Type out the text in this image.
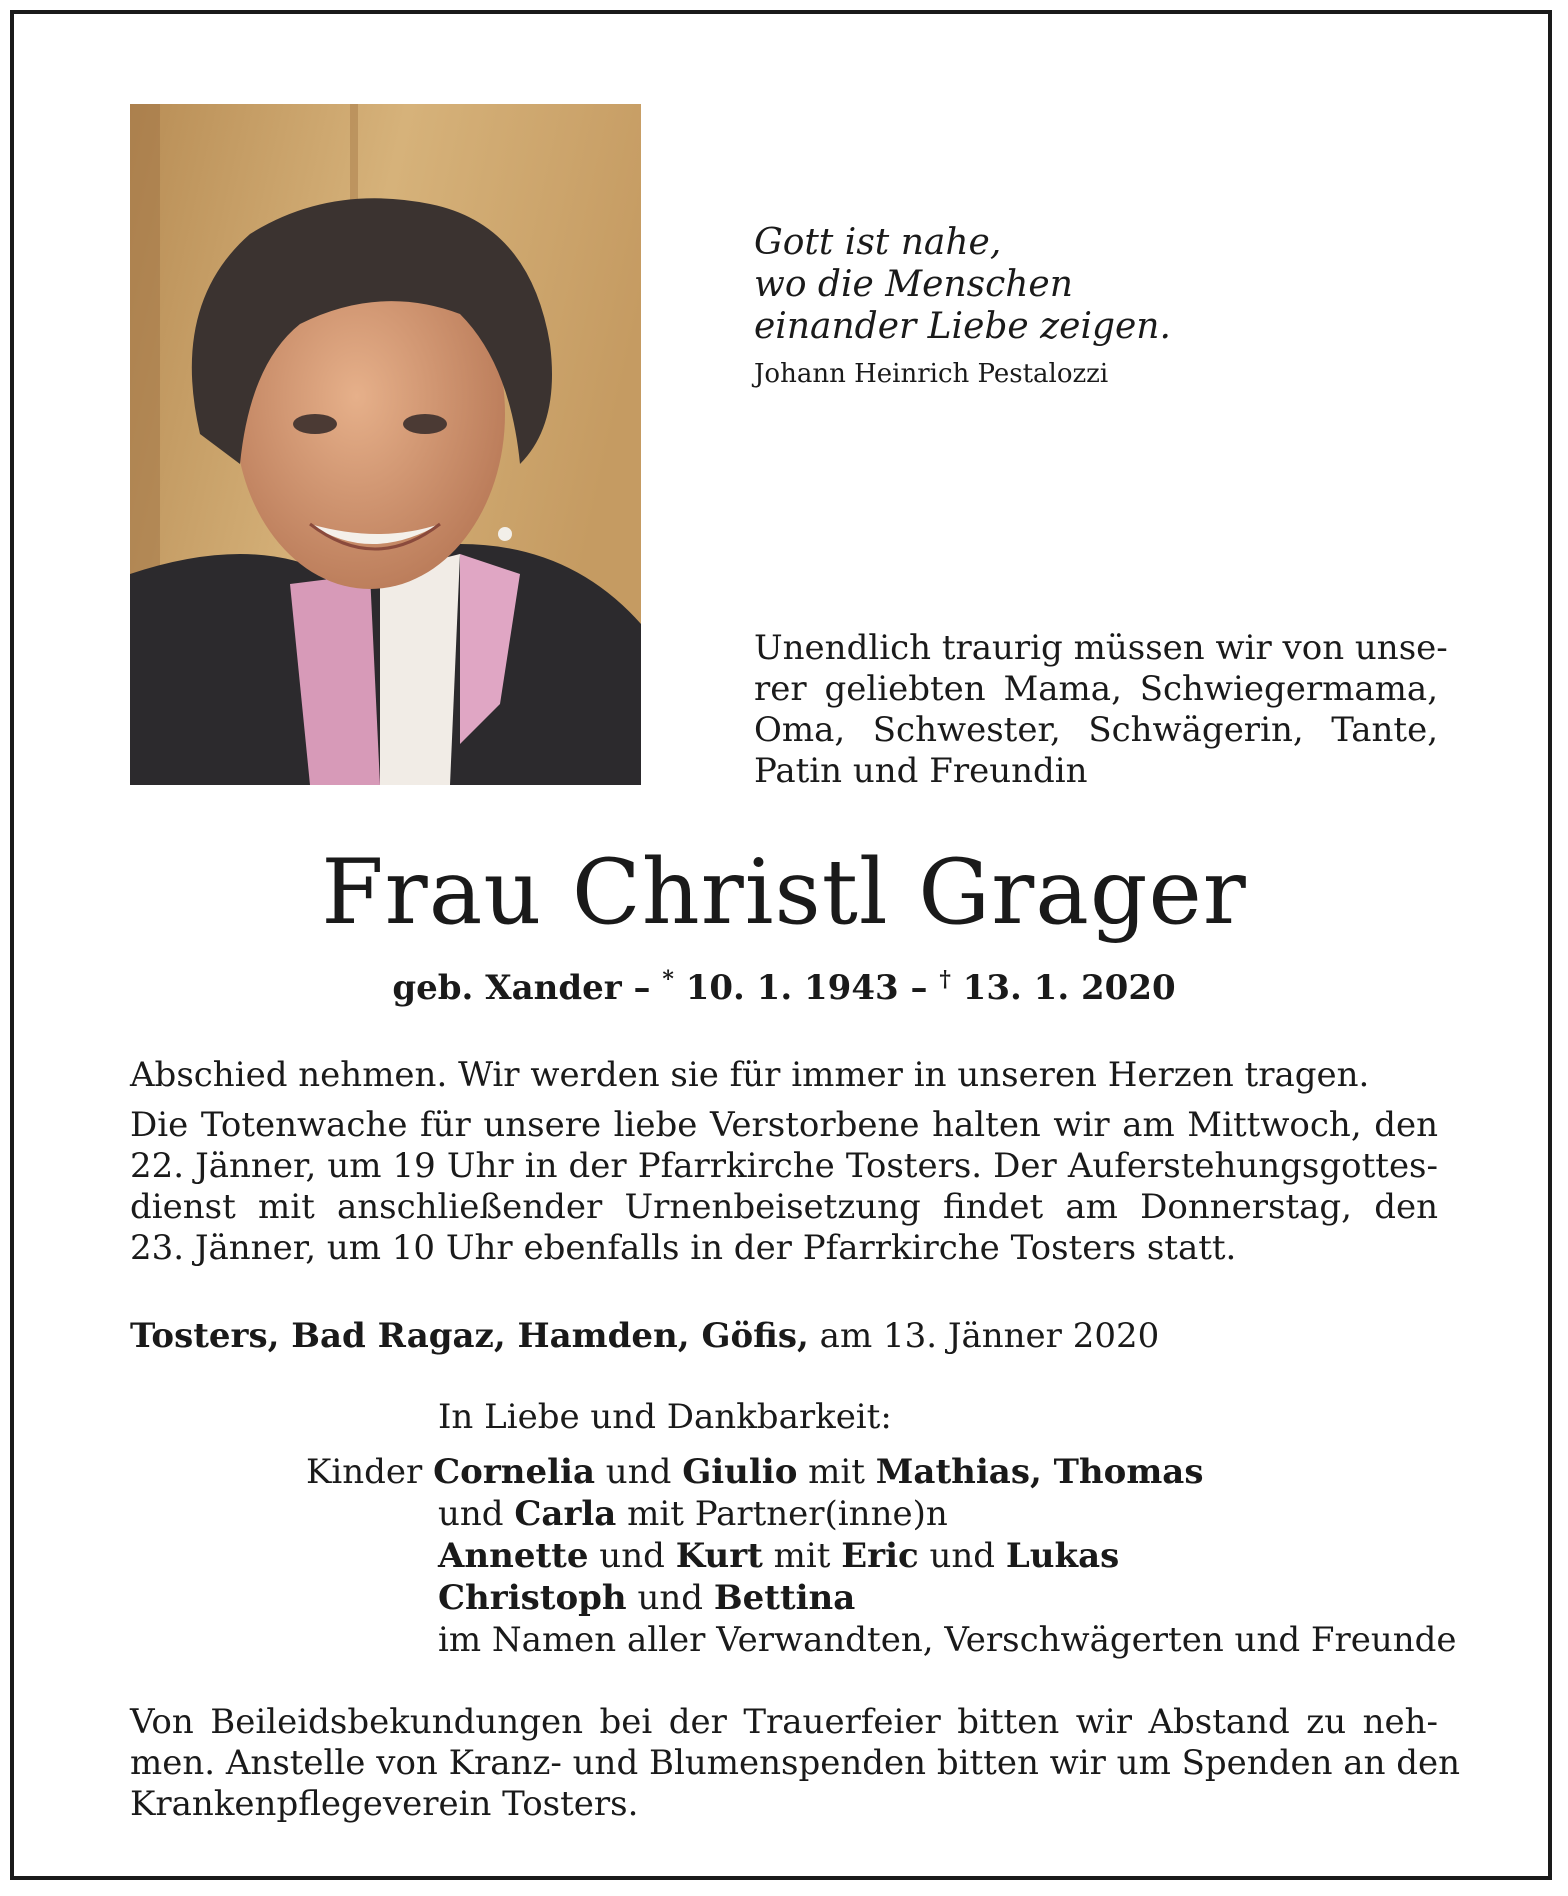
Gott ist nahe,
wo die Menschen
einander Liebe zeigen.
Johann Heinrich Pestalozzi
Unendlich traurig müssen wir von unse-
rer geliebten Mama, Schwiegermama,
Oma, Schwester, Schwägerin, Tante,
Patin und Freundin
Frau Christl Grager
geb. Xander – * 10. 1. 1943 – † 13. 1. 2020
Abschied nehmen. Wir werden sie für immer in unseren Herzen tragen.
Die Totenwache für unsere liebe Verstorbene halten wir am Mittwoch, den
22. Jänner, um 19 Uhr in der Pfarrkirche Tosters. Der Auferstehungsgottes-
dienst mit anschließender Urnenbeisetzung findet am Donnerstag, den
23. Jänner, um 10 Uhr ebenfalls in der Pfarrkirche Tosters statt.
Tosters, Bad Ragaz, Hamden, Göfis, am 13. Jänner 2020
In Liebe und Dankbarkeit:
Kinder Cornelia und Giulio mit Mathias, Thomas
und Carla mit Partner(inne)n
Annette und Kurt mit Eric und Lukas
Christoph und Bettina
im Namen aller Verwandten, Verschwägerten und Freunde
Von Beileidsbekundungen bei der Trauerfeier bitten wir Abstand zu neh-
men. Anstelle von Kranz- und Blumenspenden bitten wir um Spenden an den
Krankenpflegeverein Tosters.
